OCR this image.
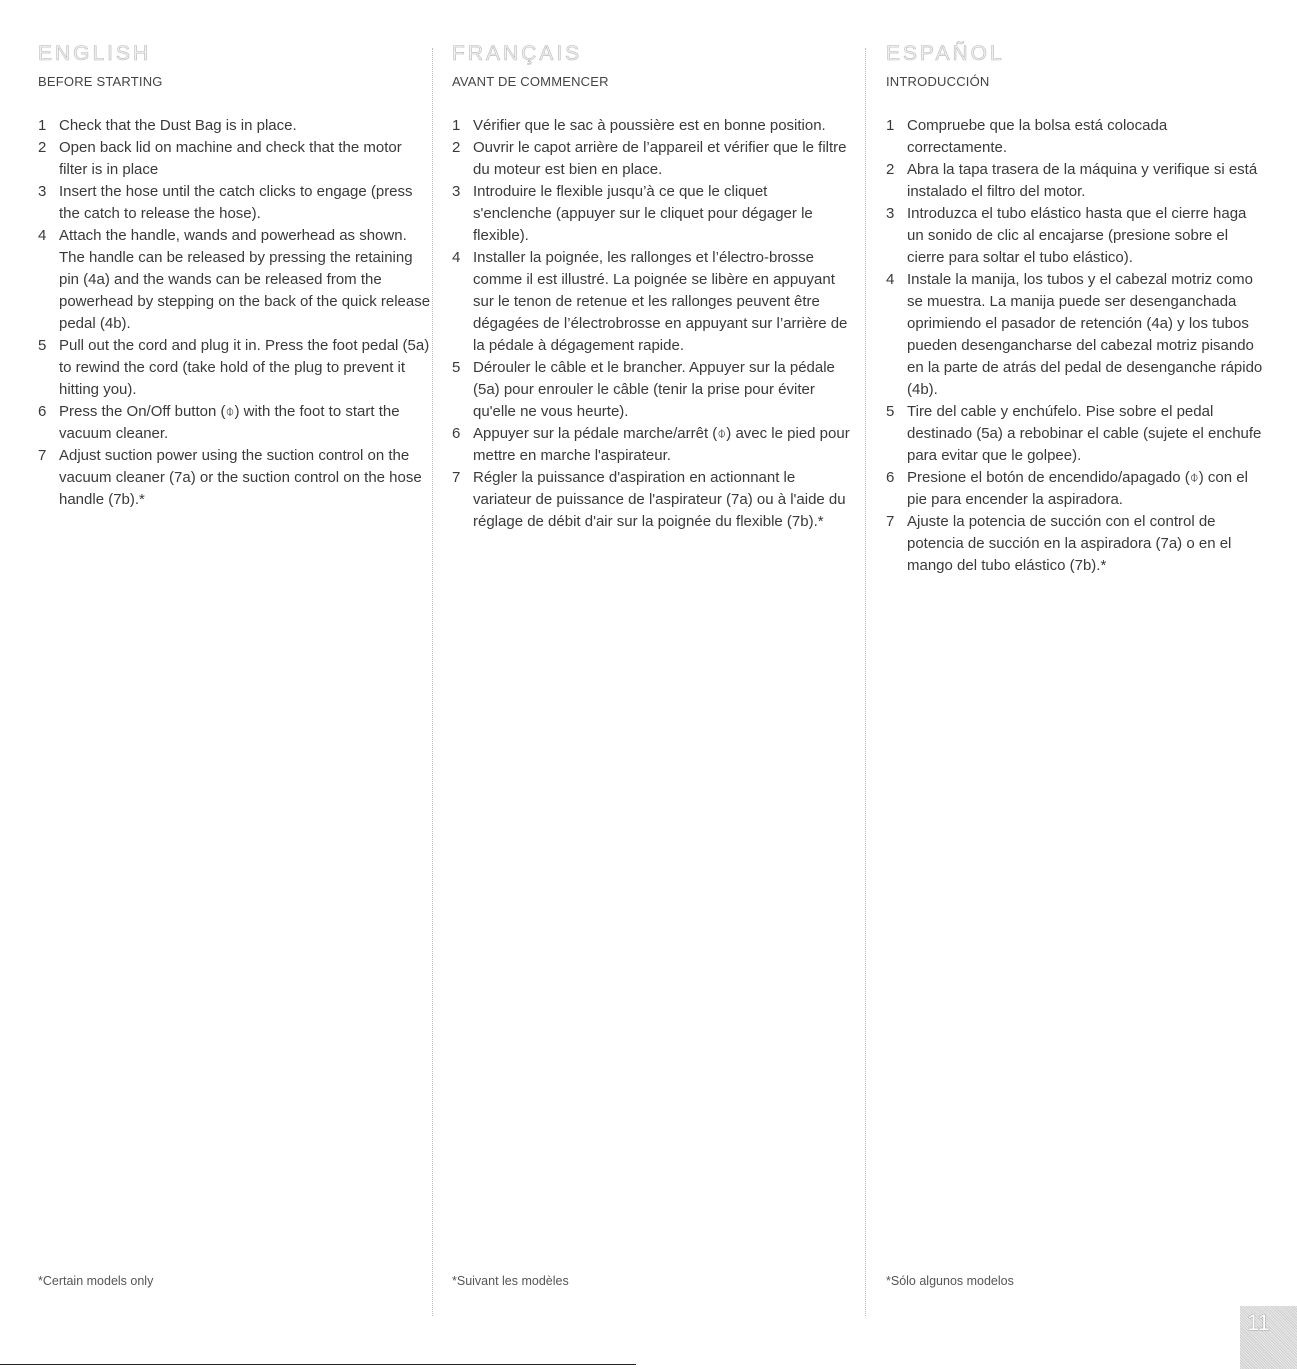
ENGLISH
BEFORE STARTING
1 Check that the Dust Bag is in place.
2 Open back lid on machine and check that the motor filter is in place
3 Insert the hose until the catch clicks to engage (press the catch to release the hose).
4 Attach the handle, wands and powerhead as shown. The handle can be released by pressing the retaining pin (4a) and the wands can be released from the powerhead by stepping on the back of the quick release pedal (4b).
5 Pull out the cord and plug it in. Press the foot pedal (5a) to rewind the cord (take hold of the plug to prevent it hitting you).
6 Press the On/Off button (⌽) with the foot to start the vacuum cleaner.
7 Adjust suction power using the suction control on the vacuum cleaner (7a) or the suction control on the hose handle (7b).*
*Certain models only
FRANÇAIS
AVANT DE COMMENCER
1 Vérifier que le sac à poussière est en bonne position.
2 Ouvrir le capot arrière de l’appareil et vérifier que le filtre du moteur est bien en place.
3 Introduire le flexible jusqu’à ce que le cliquet s'enclenche (appuyer sur le cliquet pour dégager le flexible).
4 Installer la poignée, les rallonges et l’électro-brosse comme il est illustré. La poignée se libère en appuyant sur le tenon de retenue et les rallonges peuvent être dégagées de l’électrobrosse en appuyant sur l’arrière de la pédale à dégagement rapide.
5 Dérouler le câble et le brancher. Appuyer sur la pédale (5a) pour enrouler le câble (tenir la prise pour éviter qu'elle ne vous heurte).
6 Appuyer sur la pédale marche/arrêt (⌽) avec le pied pour mettre en marche l'aspirateur.
7 Régler la puissance d'aspiration en actionnant le variateur de puissance de l'aspirateur (7a) ou à l'aide du réglage de débit d'air sur la poignée du flexible (7b).*
*Suivant les modèles
ESPAÑOL
INTRODUCCIÓN
1 Compruebe que la bolsa está colocada correctamente.
2 Abra la tapa trasera de la máquina y verifique si está instalado el filtro del motor.
3 Introduzca el tubo elástico hasta que el cierre haga un sonido de clic al encajarse (presione sobre el cierre para soltar el tubo elástico).
4 Instale la manija, los tubos y el cabezal motriz como se muestra. La manija puede ser desenganchada oprimiendo el pasador de retención (4a) y los tubos pueden desengancharse del cabezal motriz pisando en la parte de atrás del pedal de desenganche rápido (4b).
5 Tire del cable y enchúfelo. Pise sobre el pedal destinado (5a) a rebobinar el cable (sujete el enchufe para evitar que le golpee).
6 Presione el botón de encendido/apagado (⌽) con el pie para encender la aspiradora.
7 Ajuste la potencia de succión con el control de potencia de succión en la aspiradora (7a) o en el mango del tubo elástico (7b).*
*Sólo algunos modelos
11
